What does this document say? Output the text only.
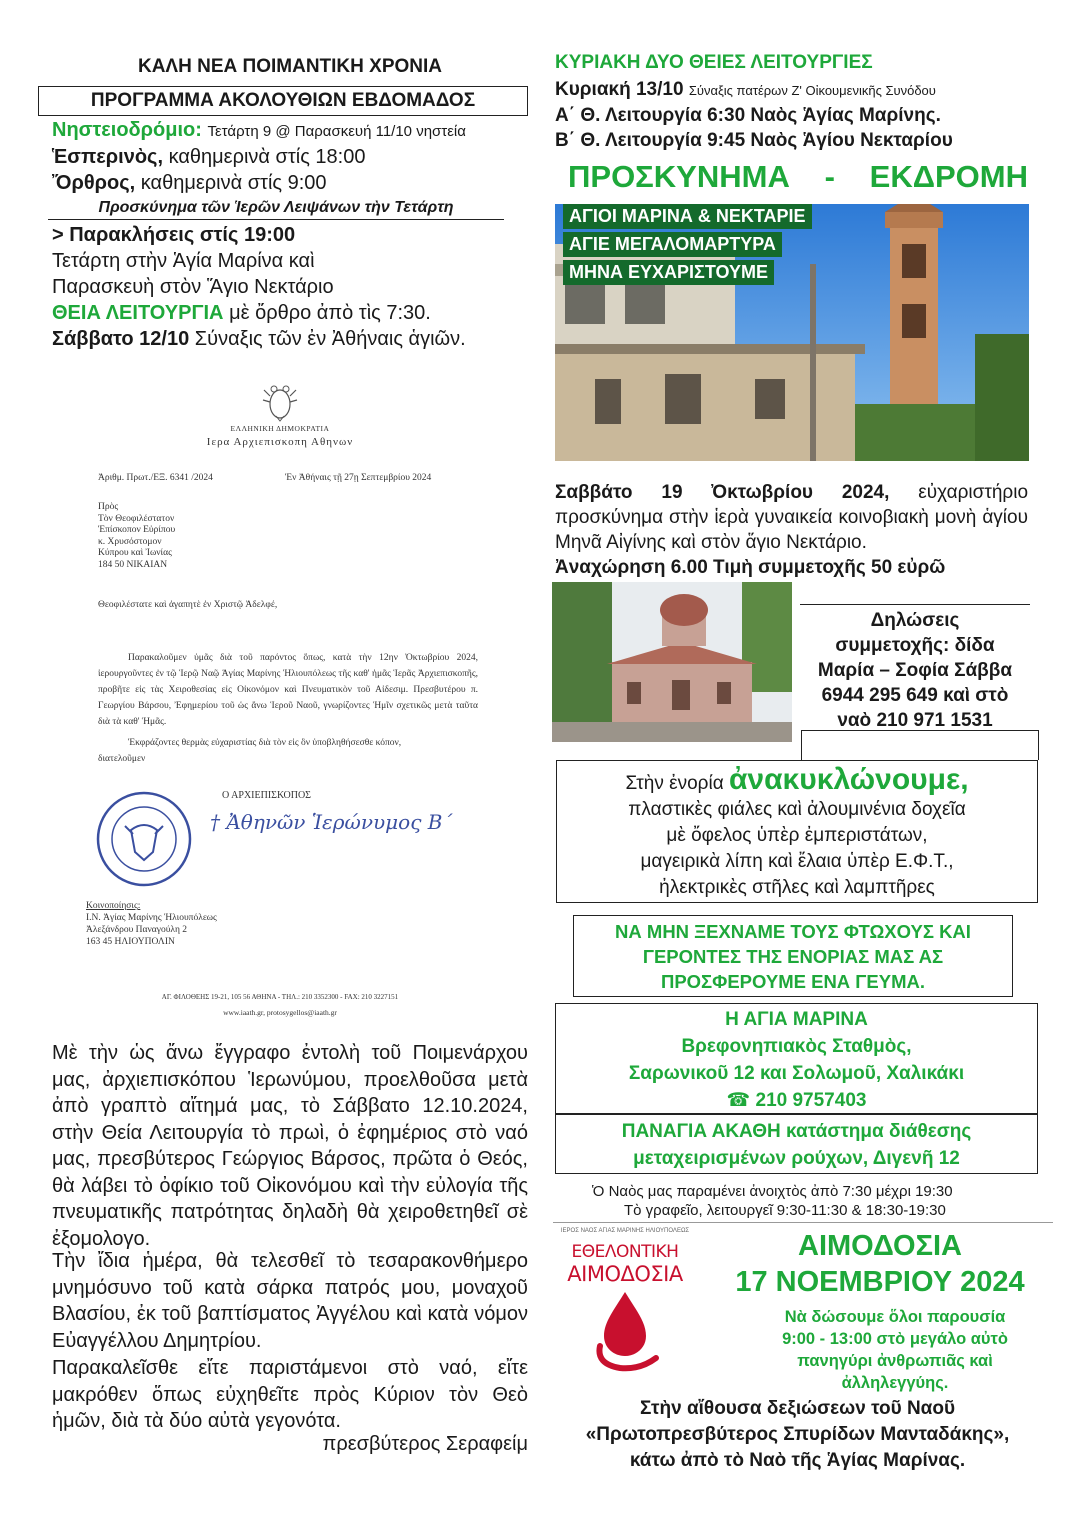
ΚΑΛΗ ΝΕΑ ΠΟΙΜΑΝΤΙΚΗ ΧΡΟΝΙΑ
ΠΡΟΓΡΑΜΜΑ ΑΚΟΛΟΥΘΙΩΝ ΕΒΔΟΜΑΔΟΣ
Νηστειοδρόμιο: Τετάρτη 9 @ Παρασκευή 11/10 νηστεία
Ἑσπερινὸς, καθημερινὰ στίς 18:00
Ὄρθρος, καθημερινὰ στίς 9:00
Προσκύνημα τῶν Ἱερῶν Λειψάνων τὴν Τετάρτη
> Παρακλήσεις στίς 19:00
Τετάρτη στὴν Ἁγία Μαρίνα καὶ
Παρασκευὴ στὸν Ἅγιο Νεκτάριο
ΘΕΙΑ ΛΕΙΤΟΥΡΓΙΑ μὲ ὄρθρο ἀπὸ τὶς 7:30.
Σάββατο 12/10 Σύναξις τῶν ἐν Ἀθήναις ἁγιῶν.
ΕΛΛΗΝΙΚΗ ΔΗΜΟΚΡΑΤΙΑ
Ιερα Αρχιεπισκοπη Αθηνων
Ἀριθμ. Πρωτ./ΕΞ. 6341 /2024	Ἐν Ἀθήναις τῇ 27ῃ Σεπτεμβρίου 2024
Πρὸς
Τὸν Θεοφιλέστατον
Ἐπίσκοπον Εὐρίπου
κ. Χρυσόστομον
Κύπρου καὶ Ἰωνίας
184 50 ΝΙΚΑΙΑΝ
Θεοφιλέστατε καὶ ἀγαπητὲ ἐν Χριστῷ Ἀδελφέ,
Παρακαλοῦμεν ὑμᾶς διὰ τοῦ παρόντος ὅπως, κατὰ τὴν 12ην Ὀκτωβρίου 2024, ἱερουργοῦντες ἐν τῷ Ἱερῷ Ναῷ Ἁγίας Μαρίνης Ἡλιουπόλεως τῆς καθ' ἡμᾶς Ἱερᾶς Ἀρχιεπισκοπῆς, προβῆτε εἰς τὰς Χειροθεσίας εἰς Οἰκονόμον καὶ Πνευματικὸν τοῦ Αἰδεσιμ. Πρεσβυτέρου π. Γεωργίου Βάρσου, Ἐφημερίου τοῦ ὡς ἄνω Ἱεροῦ Ναοῦ, γνωρίζοντες Ἡμῖν σχετικῶς μετὰ ταῦτα διὰ τὰ καθ' Ἡμᾶς.
Ἐκφράζοντες θερμὰς εὐχαριστίας διὰ τὸν εἰς ὃν ὑποβληθήσεσθε κόπον,
διατελοῦμεν
Ο ΑΡΧΙΕΠΙΣΚΟΠΟΣ
† Ἀθηνῶν Ἱερώνυμος Β΄
Κοινοποίησις:
Ι.Ν. Ἁγίας Μαρίνης Ἡλιουπόλεως
Ἀλεξάνδρου Παναγούλη 2
163 45 ΗΛΙΟΥΠΟΛΙΝ
ΑΓ. ΦΙΛΟΘΕΗΣ 19-21, 105 56 ΑΘΗΝΑ - ΤΗΛ.: 210 3352300 - FAX: 210 3227151
www.iaath.gr, protosygellos@iaath.gr
Μὲ τὴν ὡς ἄνω ἔγγραφο ἐντολὴ τοῦ Ποιμενάρχου μας, ἀρχιεπισκόπου Ἱερωνύμου, προελθοῦσα μετὰ ἀπὸ γραπτὸ αἴτημά μας, τὸ Σάββατο 12.10.2024, στὴν Θεία Λειτουργία τὸ πρωὶ, ὁ ἐφημέριος στὸ ναό μας, πρεσβύτερος Γεώργιος Βάρσος, πρῶτα ὁ Θεός, θὰ λάβει τὸ ὀφίκιο τοῦ Οἰκονόμου καὶ τὴν εὐλογία τῆς πνευματικῆς πατρότητας δηλαδὴ θὰ χειροθετηθεῖ σὲ ἐξομολογο.
Τὴν ἴδια ἡμέρα, θὰ τελεσθεῖ τὸ τεσαρακονθήμερο μνημόσυνο τοῦ κατὰ σάρκα πατρός μου, μοναχοῦ Βλασίου, ἐκ τοῦ βαπτίσματος Ἀγγέλου καὶ κατὰ νόμον Εὐαγγέλλου Δημητρίου.
Παρακαλεῖσθε εἴτε παριστάμενοι στὸ ναό, εἴτε μακρόθεν ὅπως εὐχηθεῖτε πρὸς Κύριον τὸν Θεὸ ἡμῶν, διὰ τὰ δύο αὐτὰ γεγονότα.
πρεσβύτερος Σεραφείμ
ΚΥΡΙΑΚΗ ΔΥΟ ΘΕΙΕΣ ΛΕΙΤΟΥΡΓΙΕΣ
Κυριακή 13/10 Σύναξις πατέρων Ζ' Οἰκουμενικῆς Συνόδου
Α΄ Θ. Λειτουργία 6:30 Ναὸς Ἁγίας Μαρίνης.
Β΄ Θ. Λειτουργία 9:45 Ναὸς Ἁγίου Νεκταρίου
ΠΡΟΣΚΥΝΗΜΑ - ΕΚΔΡΟΜΗ
ΑΓΙΟΙ ΜΑΡΙΝΑ & ΝΕΚΤΑΡΙΕ
ΑΓΙΕ ΜΕΓΑΛΟΜΑΡΤΥΡΑ
ΜΗΝΑ ΕΥΧΑΡΙΣΤΟΥΜΕ
Σαββάτο 19 Ὀκτωβρίου 2024, εὐχαριστήριο προσκύνημα στὴν ἱερὰ γυναικεία κοινοβιακὴ μονὴ ἁγίου Μηνᾶ Αἰγίνης καὶ στὸν ἅγιο Νεκτάριο.
Ἀναχώρηση 6.00 Τιμὴ συμμετοχῆς 50 εὐρῶ
Δηλώσεις
συμμετοχῆς: δίδα
Μαρία – Σοφία Σάββα
6944 295 649 καὶ στὸ
ναὸ 210 971 1531
Στὴν ἐνορία ἀνακυκλώνουμε,
πλαστικὲς φιάλες καὶ ἀλουμινένια δοχεῖα
μὲ ὄφελος ὑπὲρ ἐμπεριστάτων,
μαγειρικὰ λίπη καὶ ἔλαια ὑπὲρ Ε.Φ.Τ.,
ἠλεκτρικὲς στῆλες καὶ λαμπτῆρες
ΝΑ ΜΗΝ ΞΕΧΝΑΜΕ ΤΟΥΣ ΦΤΩΧΟΥΣ ΚΑΙ
ΓΕΡΟΝΤΕΣ ΤΗΣ ΕΝΟΡΙΑΣ ΜΑΣ ΑΣ
ΠΡΟΣΦΕΡΟΥΜΕ ΕΝΑ ΓΕΥΜΑ.
Η ΑΓΙΑ ΜΑΡΙΝΑ
Βρεφονηπιακὸς Σταθμὸς,
Σαρωνικοῦ 12 και Σολωμοῦ, Χαλικάκι
☎ 210 9757403
ΠΑΝΑΓΙΑ ΑΚΑΘΗ κατάστημα διάθεσης
μεταχειρισμένων ρούχων, Διγενῆ 12
Ὁ Ναὸς μας παραμένει ἀνοιχτὸς ἀπὸ 7:30 μέχρι 19:30
Τὸ γραφεῖο, λειτουργεῖ 9:30-11:30 & 18:30-19:30
ΙΕΡΟΣ ΝΑΟΣ ΑΓΙΑΣ ΜΑΡΙΝΗΣ ΗΛΙΟΥΠΟΛΕΩΣ
ΕΘΕΛΟΝΤΙΚΗ
ΑΙΜΟΔΟΣΙΑ
ΑΙΜΟΔΟΣΙΑ
17 ΝΟΕΜΒΡΙΟΥ 2024
Νὰ δώσουμε ὅλοι παρουσία
9:00 - 13:00 στὸ μεγάλο αὐτὸ
πανηγύρι ἀνθρωπιᾶς καὶ
ἀλληλεγγύης.
Στὴν αἴθουσα δεξιώσεων τοῦ Ναοῦ
«Πρωτοπρεσβύτερος Σπυρίδων Μανταδάκης»,
κάτω ἀπὸ τὸ Ναὸ τῆς Ἁγίας Μαρίνας.
